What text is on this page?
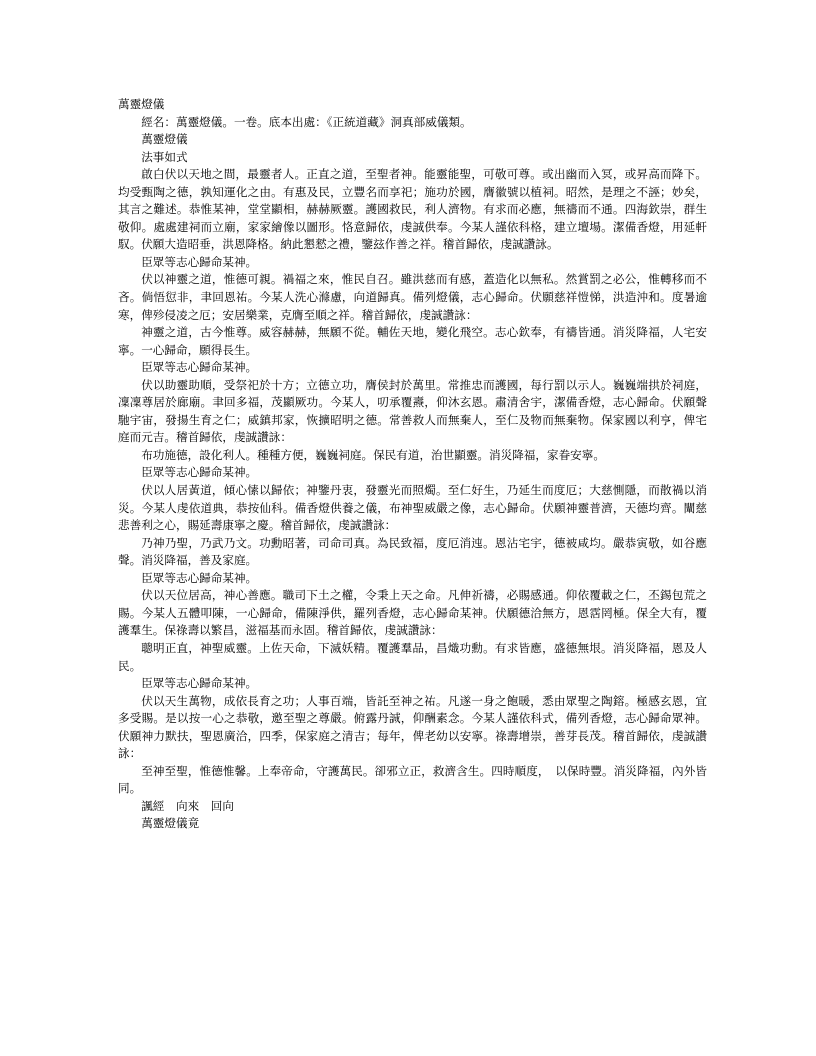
萬靈燈儀

經名：萬靈燈儀。一卷。底本出處：《正統道藏》洞真部威儀類。

萬靈燈儀

法事如式

啟白伏以天地之間，最靈者人。正直之道，至聖者神。能靈能聖，可敬可尊。或出幽而入冥，或昇高而降下。均受甄陶之德，孰知運化之由。有惠及民，立豐名而享祀；施功於國，膺徽號以植祠。昭然，是理之不誣；妙矣，其言之難述。恭惟某神，堂堂顯相，赫赫厥靈。護國救民，利人濟物。有求而必應，無禱而不通。四海欽崇，群生敬仰。處處建祠而立廟，家家繪像以圖形。恪意歸依，虔誠供奉。今某人謹依科格，建立壇場。潔備香燈，用延軒馭。伏願大造昭垂，洪恩降格。納此懇憖之禮，鑒玆作善之祥。稽首歸依，虔誠讚詠。

臣眾等志心歸命某神。

伏以神靈之道，惟德可親。禍福之來，惟民自召。雖洪慈而有感，蓋造化以無私。然賞罰之必公，惟轉移而不吝。倘悟愆非，聿回恩祐。今某人洗心滌慮，向道歸真。備列燈儀，志心歸命。伏願慈祥愷悌，洪造沖和。度暑逾寒，俾殄侵凌之厄；安居樂業，克膺至順之祥。稽首歸依，虔誠讚詠：

神靈之道，古今惟尊。威容赫赫，無願不從。輔佐天地，變化飛空。志心欽奉，有禱皆通。消災降福，人宅安寧。一心歸命，願得長生。

臣眾等志心歸命某神。

伏以助靈助順，受祭祀於十方；立德立功，膺侯封於萬里。常推忠而護國，每行罰以示人。巍巍端拱於祠庭，凜凜尊居於廊廟。聿回多福，茂顯厥功。今某人，叨承覆燾，仰沐玄恩。肅清舍宇，潔備香燈，志心歸命。伏願聲馳宇宙，發揚生育之仁；威鎮邦家，恢擴昭明之德。常善救人而無棄人，至仁及物而無棄物。保家國以利亨，俾宅庭而元吉。稽首歸依，虔誠讚詠：

布功施德，設化利人。種種方便，巍巍祠庭。保民有道，治世顯靈。消災降福，家眷安寧。

臣眾等志心歸命某神。

伏以人居黃道，傾心愫以歸依；神鑒丹衷，發靈光而照燭。至仁好生，乃延生而度厄；大慈惻隱，而散禍以消災。今某人虔依道典，恭按仙科。備香燈供養之儀，布神聖威嚴之像，志心歸命。伏願神靈普濟，天德均齊。闡慈悲善利之心，賜延壽康寧之慶。稽首歸依，虔誠讚詠：

乃神乃聖，乃武乃文。功勳昭著，司命司真。為民致福，度厄消迍。恩沾宅宇，德被咸均。嚴恭寅敬，如谷應聲。消災降福，善及家庭。

臣眾等志心歸命某神。

伏以天位居高，神心善應。職司下土之權，令秉上天之命。凡伸祈禱，必賜感通。仰依覆載之仁，丕錫包荒之賜。今某人五體叩陳，一心歸命，備陳淨供，羅列香燈，志心歸命某神。伏願德洽無方，恩霑罔極。保全大有，覆護羣生。保祿壽以繁昌，滋福基而永固。稽首歸依，虔誠讚詠：

聰明正直，神聖威靈。上佐天命，下滅妖精。覆護羣品，昌熾功勳。有求皆應，盛德無垠。消災降福，恩及人民。

臣眾等志心歸命某神。

伏以天生萬物，成依長育之功；人事百端，皆託至神之祐。凡遂一身之飽暖，悉由眾聖之陶鎔。極感玄恩，宜多受賜。是以按一心之恭敬，邀至聖之尊嚴。俯露丹誠，仰酬素念。今某人謹依科式，備列香燈，志心歸命眾神。伏願神力默扶，聖恩廣洽，四季，保家庭之清吉；每年，俾老幼以安寧。祿壽增崇，善芽長茂。稽首歸依，虔誠讚詠：

至神至聖，惟德惟馨。上奉帝命，守護萬民。卻邪立正，救濟含生。四時順度，　以保時豐。消災降福，內外皆同。

諷經　向來　回向

萬靈燈儀竟
